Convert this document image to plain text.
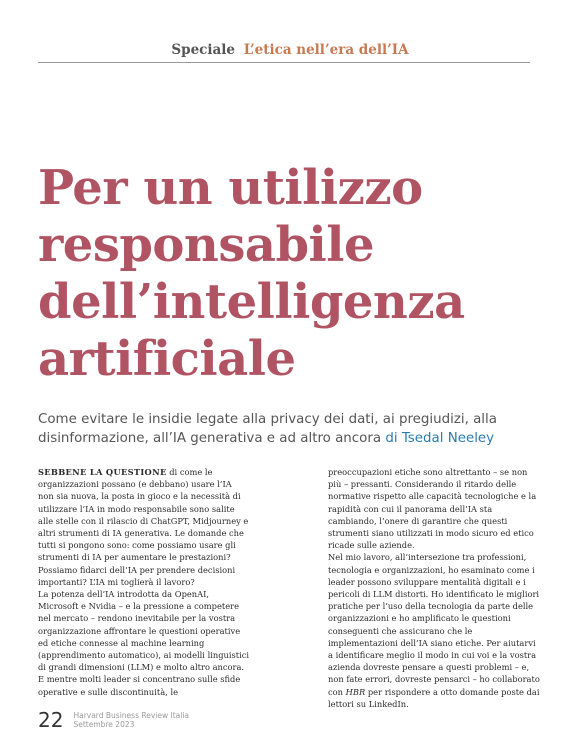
Speciale L’etica nell’era dell’IA
Per un utilizzo responsabile dell’intelligenza artificiale
Come evitare le insidie legate alla privacy dei dati, ai pregiudizi, alla disinformazione, all’IA generativa e ad altro ancora di Tsedal Neeley

SEBBENE LA QUESTIONE di come le organizzazioni possano (e debbano) usare l’IA non sia nuova, la posta in gioco e la necessità di utilizzare l’IA in modo responsabile sono salite alle stelle con il rilascio di ChatGPT, Midjourney e altri strumenti di IA generativa. Le domande che tutti si pongono sono: come possiamo usare gli strumenti di IA per aumentare le prestazioni? Possiamo fidarci dell’IA per prendere decisioni importanti? L’IA mi toglierà il lavoro?

La potenza dell’IA introdotta da OpenAI, Microsoft e Nvidia – e la pressione a competere nel mercato – rendono inevitabile per la vostra organizzazione affrontare le questioni operative ed etiche connesse al machine learning (apprendimento automatico), ai modelli linguistici di grandi dimensioni (LLM) e molto altro ancora. E mentre molti leader si concentrano sulle sfide operative e sulle discontinuità, le

preoccupazioni etiche sono altrettanto – se non più – pressanti. Considerando il ritardo delle normative rispetto alle capacità tecnologiche e la rapidità con cui il panorama dell’IA sta cambiando, l’onere di garantire che questi strumenti siano utilizzati in modo sicuro ed etico ricade sulle aziende.

Nel mio lavoro, all’intersezione tra professioni, tecnologia e organizzazioni, ho esaminato come i leader possono sviluppare mentalità digitali e i pericoli di LLM distorti. Ho identificato le migliori pratiche per l’uso della tecnologia da parte delle organizzazioni e ho amplificato le questioni conseguenti che assicurano che le implementazioni dell’IA siano etiche. Per aiutarvi a identificare meglio il modo in cui voi e la vostra azienda dovreste pensare a questi problemi – e, non fate errori, dovreste pensarci – ho collaborato con HBR per rispondere a otto domande poste dai lettori su LinkedIn.

22 Harvard Business Review Italia
Settembre 2023
